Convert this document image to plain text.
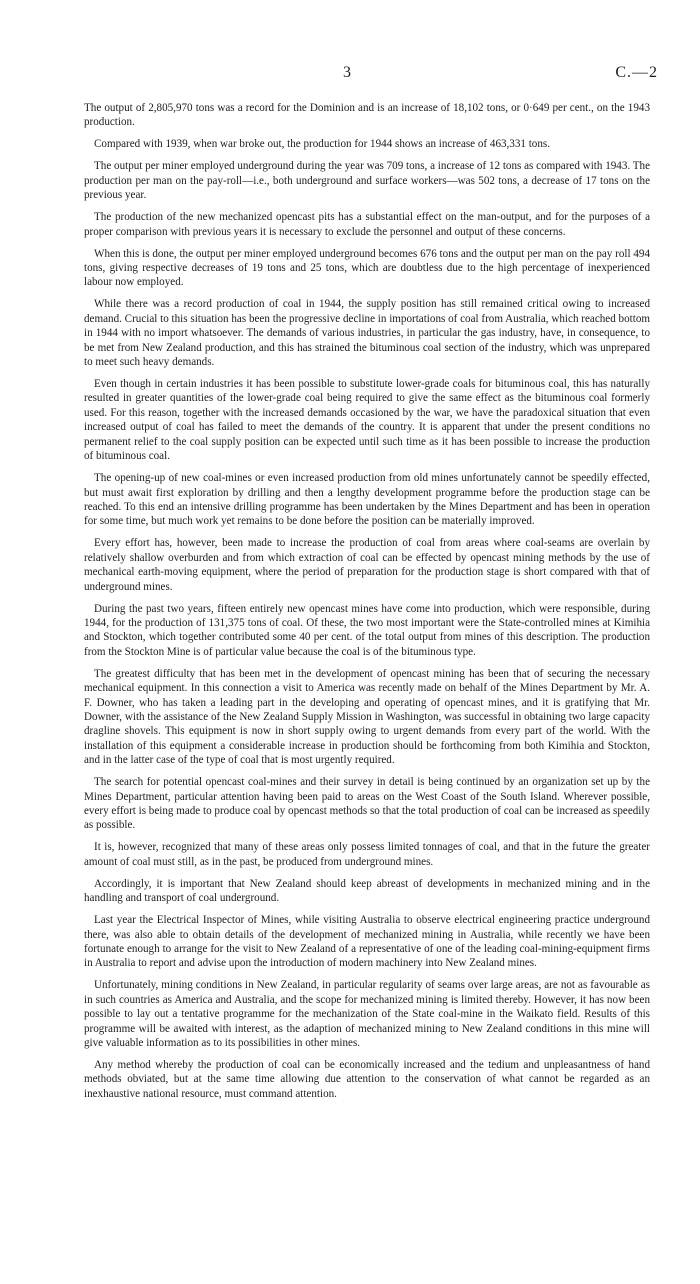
3	C.—2

The output of 2,805,970 tons was a record for the Dominion and is an increase of 18,102 tons, or 0·649 per cent., on the 1943 production.

Compared with 1939, when war broke out, the production for 1944 shows an increase of 463,331 tons.

The output per miner employed underground during the year was 709 tons, a increase of 12 tons as compared with 1943. The production per man on the pay-roll—i.e., both underground and surface workers—was 502 tons, a decrease of 17 tons on the previous year.

The production of the new mechanized opencast pits has a substantial effect on the man-output, and for the purposes of a proper comparison with previous years it is necessary to exclude the personnel and output of these concerns.

When this is done, the output per miner employed underground becomes 676 tons and the output per man on the pay roll 494 tons, giving respective decreases of 19 tons and 25 tons, which are doubtless due to the high percentage of inexperienced labour now employed.

While there was a record production of coal in 1944, the supply position has still remained critical owing to increased demand. Crucial to this situation has been the progressive decline in importations of coal from Australia, which reached bottom in 1944 with no import whatsoever. The demands of various industries, in particular the gas industry, have, in consequence, to be met from New Zealand production, and this has strained the bituminous coal section of the industry, which was unprepared to meet such heavy demands.

Even though in certain industries it has been possible to substitute lower-grade coals for bituminous coal, this has naturally resulted in greater quantities of the lower-grade coal being required to give the same effect as the bituminous coal formerly used. For this reason, together with the increased demands occasioned by the war, we have the paradoxical situation that even increased output of coal has failed to meet the demands of the country. It is apparent that under the present conditions no permanent relief to the coal supply position can be expected until such time as it has been possible to increase the production of bituminous coal.

The opening-up of new coal-mines or even increased production from old mines unfortunately cannot be speedily effected, but must await first exploration by drilling and then a lengthy development programme before the production stage can be reached. To this end an intensive drilling programme has been undertaken by the Mines Department and has been in operation for some time, but much work yet remains to be done before the position can be materially improved.

Every effort has, however, been made to increase the production of coal from areas where coal-seams are overlain by relatively shallow overburden and from which extraction of coal can be effected by opencast mining methods by the use of mechanical earth-moving equipment, where the period of preparation for the production stage is short compared with that of underground mines.

During the past two years, fifteen entirely new opencast mines have come into production, which were responsible, during 1944, for the production of 131,375 tons of coal. Of these, the two most important were the State-controlled mines at Kimihia and Stockton, which together contributed some 40 per cent. of the total output from mines of this description. The production from the Stockton Mine is of particular value because the coal is of the bituminous type.

The greatest difficulty that has been met in the development of opencast mining has been that of securing the necessary mechanical equipment. In this connection a visit to America was recently made on behalf of the Mines Department by Mr. A. F. Downer, who has taken a leading part in the developing and operating of opencast mines, and it is gratifying that Mr. Downer, with the assistance of the New Zealand Supply Mission in Washington, was successful in obtaining two large capacity dragline shovels. This equipment is now in short supply owing to urgent demands from every part of the world. With the installation of this equipment a considerable increase in production should be forthcoming from both Kimihia and Stockton, and in the latter case of the type of coal that is most urgently required.

The search for potential opencast coal-mines and their survey in detail is being continued by an organization set up by the Mines Department, particular attention having been paid to areas on the West Coast of the South Island. Wherever possible, every effort is being made to produce coal by opencast methods so that the total production of coal can be increased as speedily as possible.

It is, however, recognized that many of these areas only possess limited tonnages of coal, and that in the future the greater amount of coal must still, as in the past, be produced from underground mines.

Accordingly, it is important that New Zealand should keep abreast of developments in mechanized mining and in the handling and transport of coal underground.

Last year the Electrical Inspector of Mines, while visiting Australia to observe electrical engineering practice underground there, was also able to obtain details of the development of mechanized mining in Australia, while recently we have been fortunate enough to arrange for the visit to New Zealand of a representative of one of the leading coal-mining-equipment firms in Australia to report and advise upon the introduction of modern machinery into New Zealand mines.

Unfortunately, mining conditions in New Zealand, in particular regularity of seams over large areas, are not as favourable as in such countries as America and Australia, and the scope for mechanized mining is limited thereby. However, it has now been possible to lay out a tentative programme for the mechanization of the State coal-mine in the Waikato field. Results of this programme will be awaited with interest, as the adaption of mechanized mining to New Zealand conditions in this mine will give valuable information as to its possibilities in other mines.

Any method whereby the production of coal can be economically increased and the tedium and unpleasantness of hand methods obviated, but at the same time allowing due attention to the conservation of what cannot be regarded as an inexhaustive national resource, must command attention.
